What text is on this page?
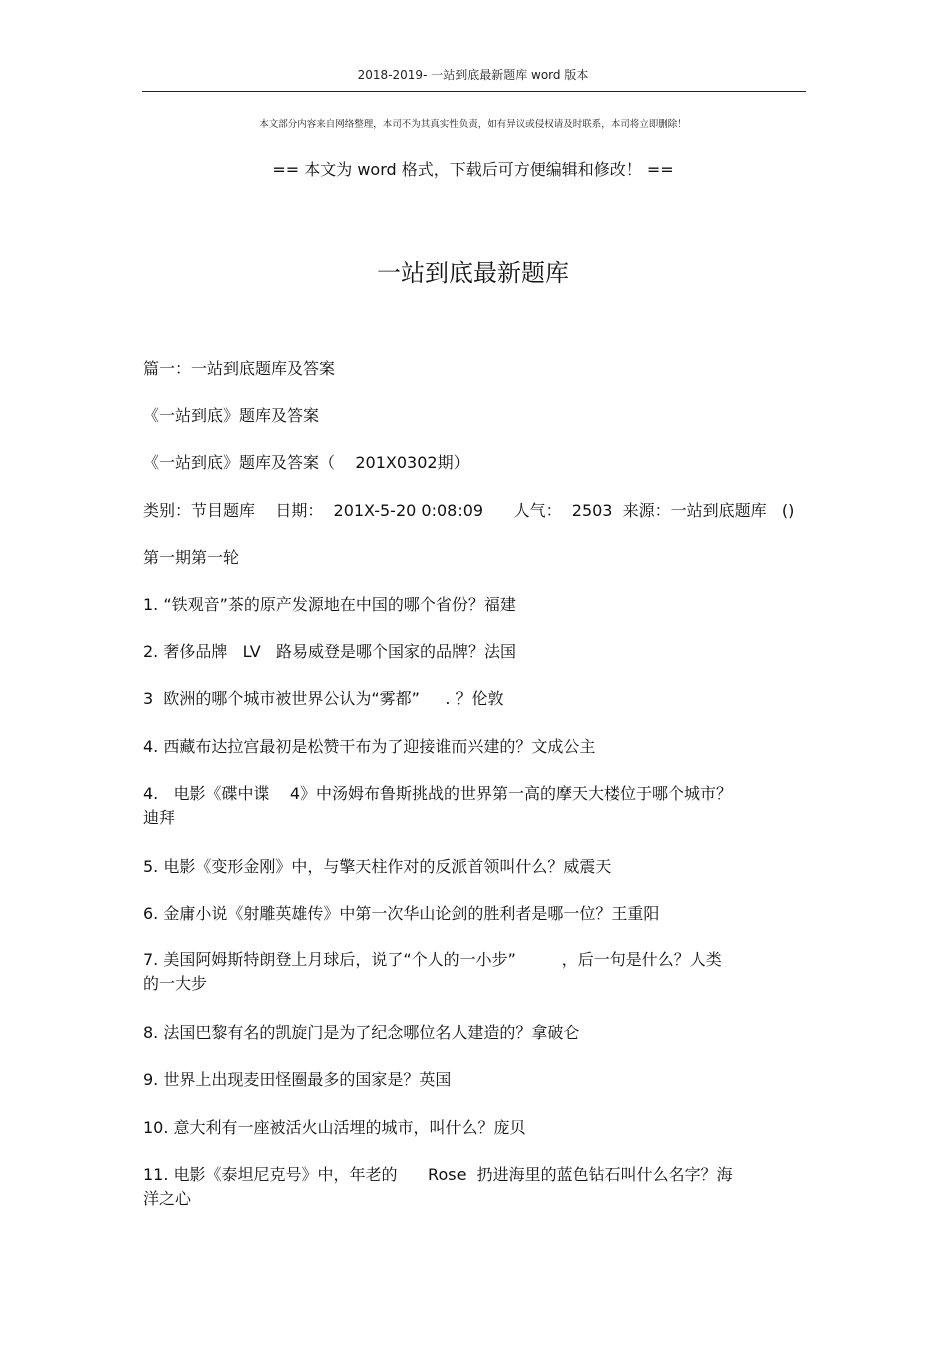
2018-2019- 一站到底最新题库 word 版本
本文部分内容来自网络整理，本司不为其真实性负责，如有异议或侵权请及时联系，本司将立即删除！
== 本文为 word 格式，下载后可方便编辑和修改！ ==
一站到底最新题库
篇一：一站到底题库及答案
《一站到底》题库及答案
《一站到底》题库及答案（    201X0302期）
类别：节目题库    日期：  201X-5-20 0:08:09      人气：  2503  来源：一站到底题库   ()
第一期第一轮
1. “铁观音”茶的原产发源地在中国的哪个省份？福建
2. 奢侈品牌   LV   路易威登是哪个国家的品牌？法国
3  欧洲的哪个城市被世界公认为“雾都”     . ？伦敦
4. 西藏布达拉宫最初是松赞干布为了迎接谁而兴建的？文成公主
4.   电影《碟中谍    4》中汤姆布鲁斯挑战的世界第一高的摩天大楼位于哪个城市？
迪拜
5. 电影《变形金刚》中，与擎天柱作对的反派首领叫什么？威震天
6. 金庸小说《射雕英雄传》中第一次华山论剑的胜利者是哪一位？王重阳
7. 美国阿姆斯特朗登上月球后，说了“个人的一小步”         ，后一句是什么？人类
的一大步
8. 法国巴黎有名的凯旋门是为了纪念哪位名人建造的？拿破仑
9. 世界上出现麦田怪圈最多的国家是？英国
10. 意大利有一座被活火山活埋的城市，叫什么？庞贝
11. 电影《泰坦尼克号》中，年老的      Rose  扔进海里的蓝色钻石叫什么名字？海
洋之心
